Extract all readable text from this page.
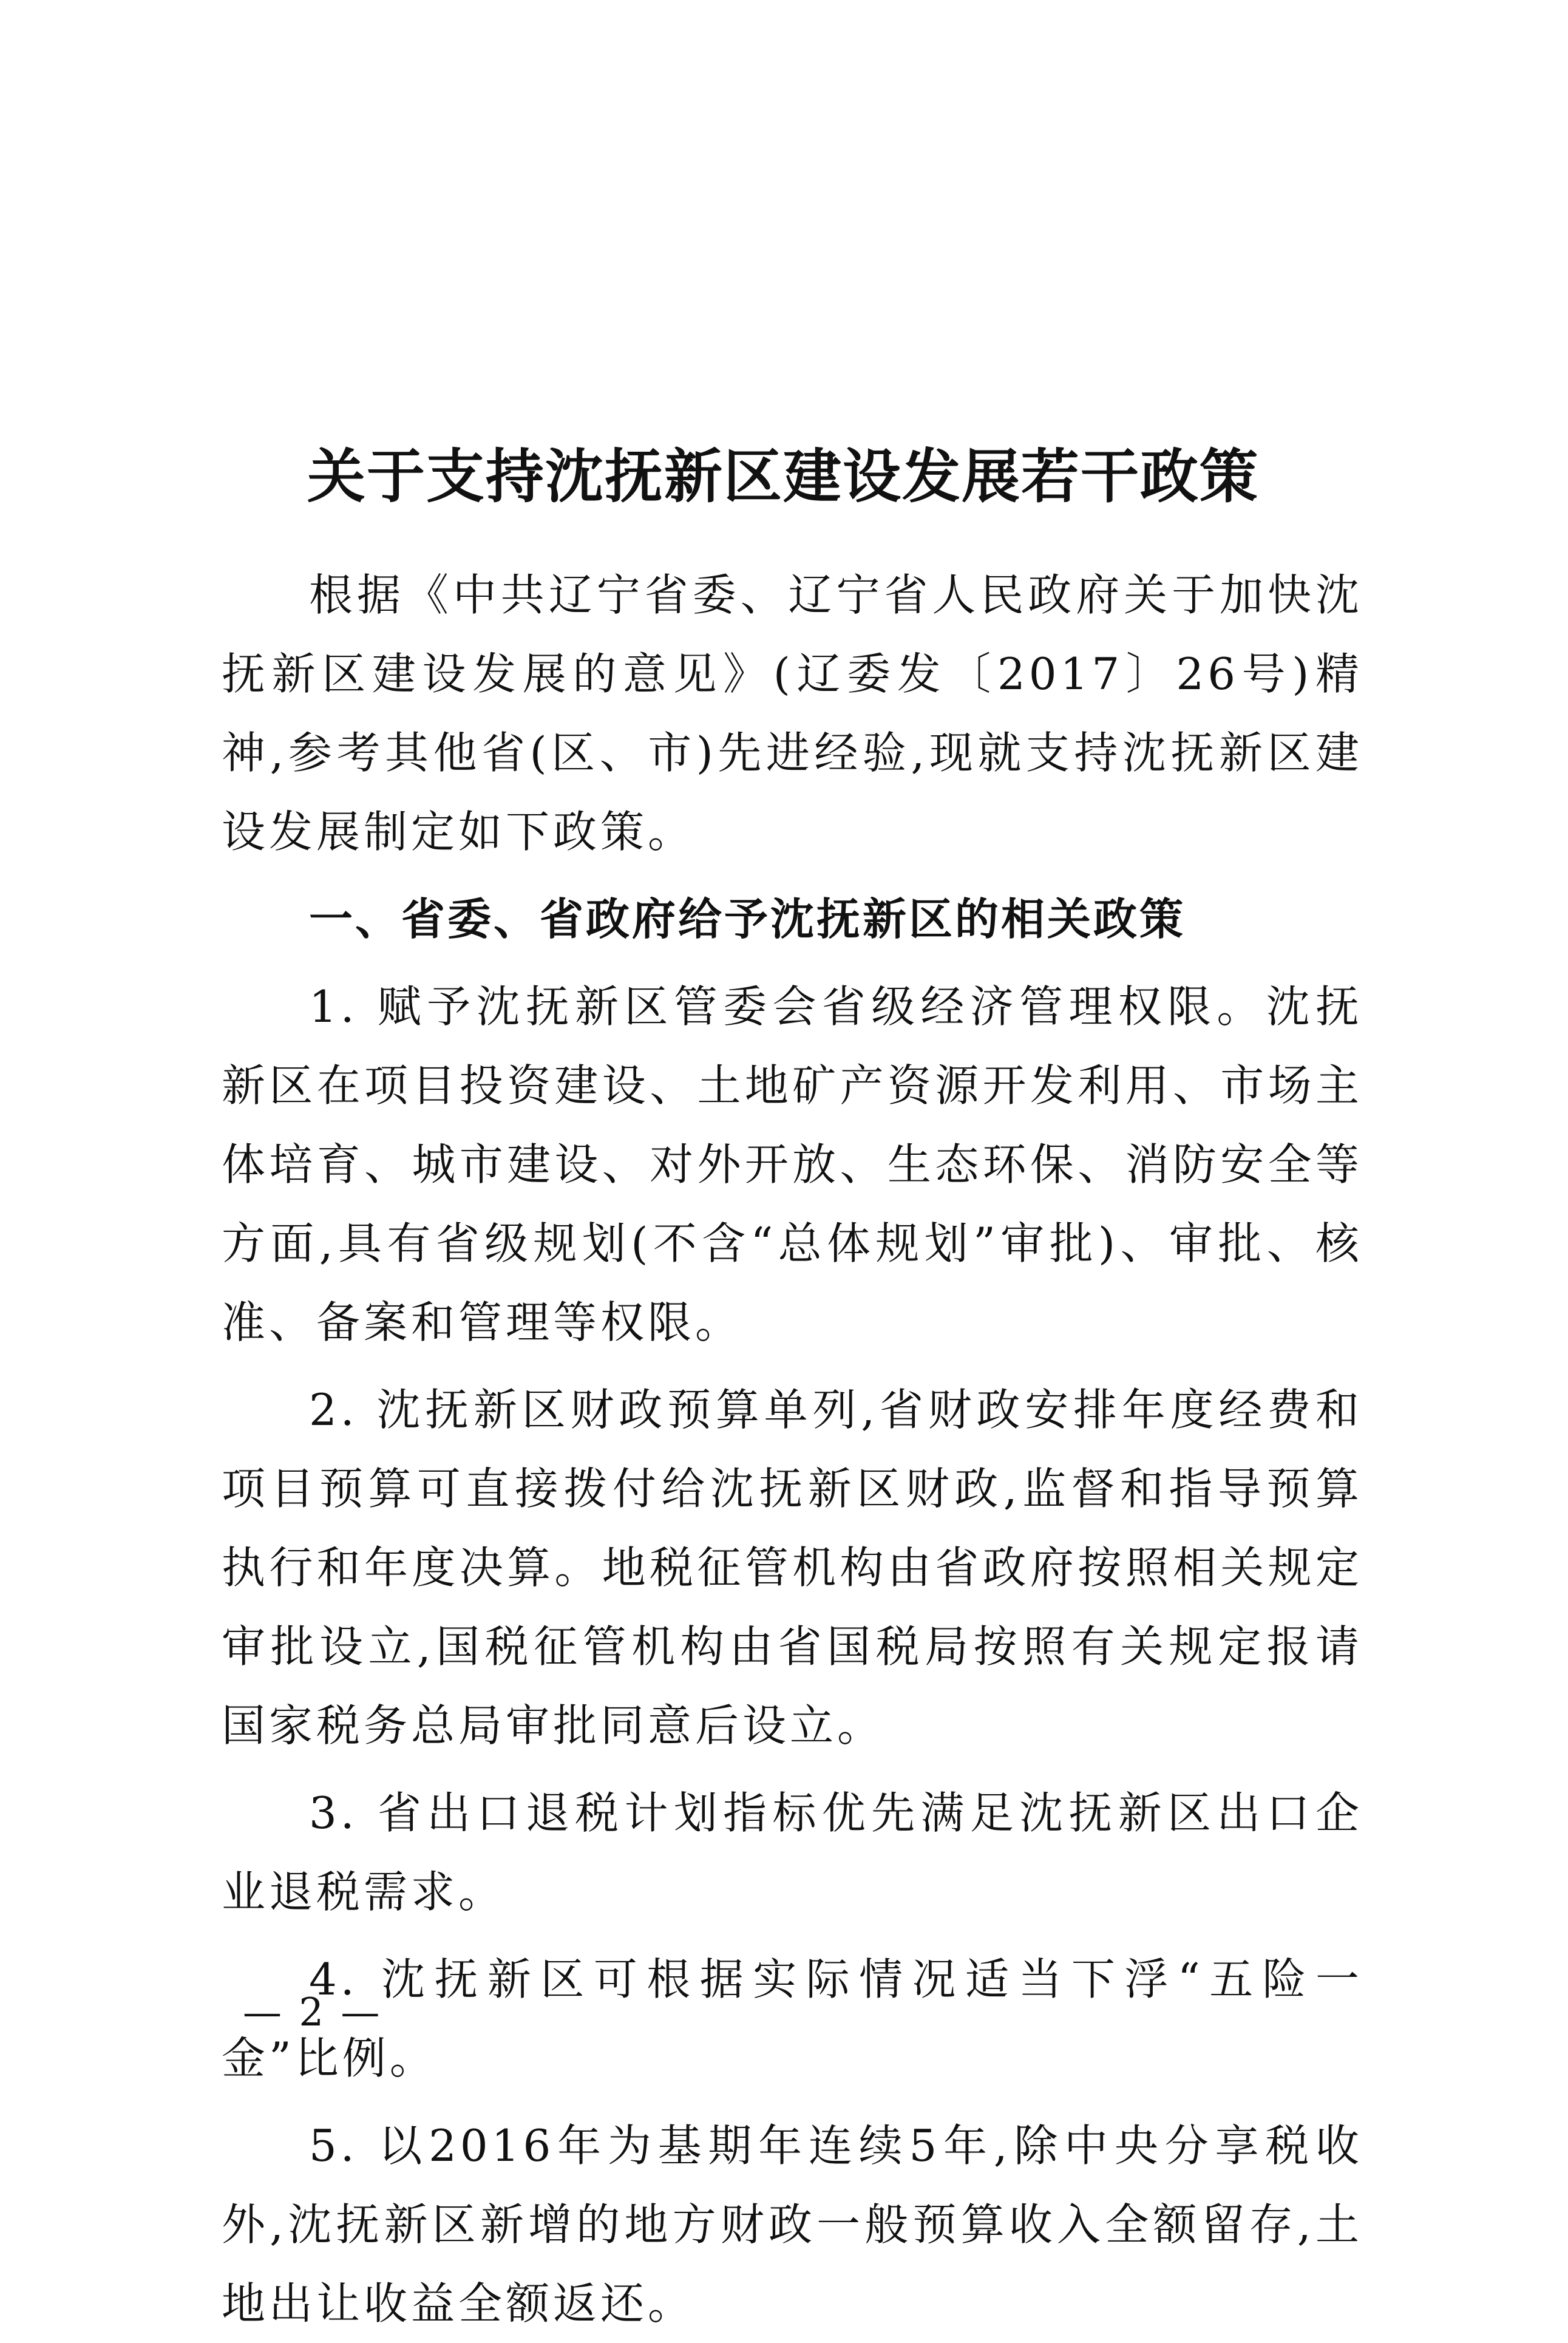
关于支持沈抚新区建设发展若干政策

根据《中共辽宁省委、辽宁省人民政府关于加快沈抚新区建设发展的意见》(辽委发〔2017〕26号)精神,参考其他省(区、市)先进经验,现就支持沈抚新区建设发展制定如下政策。

一、省委、省政府给予沈抚新区的相关政策

1. 赋予沈抚新区管委会省级经济管理权限。沈抚新区在项目投资建设、土地矿产资源开发利用、市场主体培育、城市建设、对外开放、生态环保、消防安全等方面,具有省级规划(不含“总体规划”审批)、审批、核准、备案和管理等权限。

2. 沈抚新区财政预算单列,省财政安排年度经费和项目预算可直接拨付给沈抚新区财政,监督和指导预算执行和年度决算。地税征管机构由省政府按照相关规定审批设立,国税征管机构由省国税局按照有关规定报请国家税务总局审批同意后设立。

3. 省出口退税计划指标优先满足沈抚新区出口企业退税需求。

4. 沈抚新区可根据实际情况适当下浮“五险一金”比例。

5. 以2016年为基期年连续5年,除中央分享税收外,沈抚新区新增的地方财政一般预算收入全额留存,土地出让收益全额返还。

— 2 —
